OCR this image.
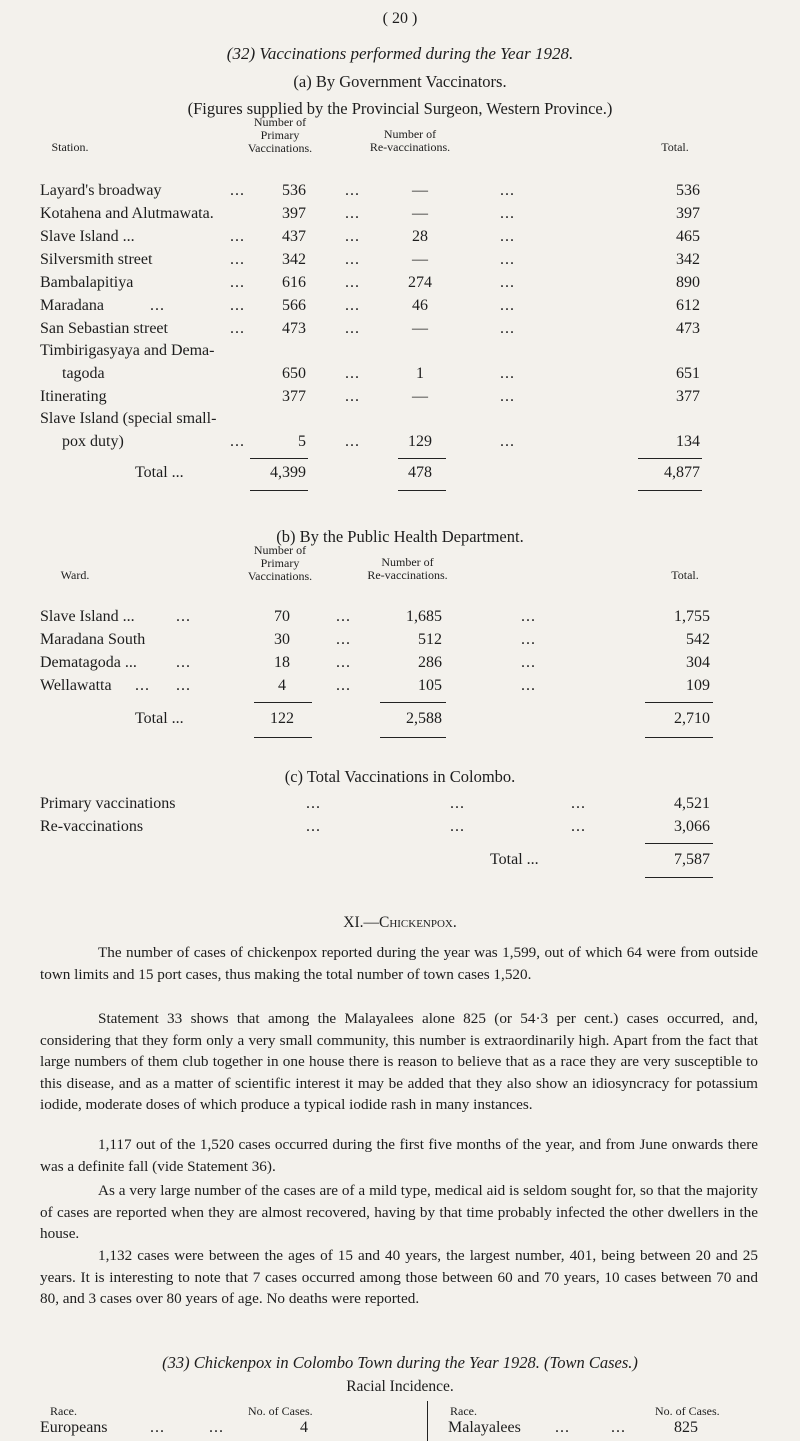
( 20 )
(32) Vaccinations performed during the Year 1928.
(a) By Government Vaccinators.
(Figures supplied by the Provincial Surgeon, Western Province.)
Station.
Number of
Primary
Vaccinations.
Number of
Re-vaccinations.	Total.
Layard's broadway	...	536 ...	—	...	536
Kotahena and Alutmawata.	397 ...	—	...	397
Slave Island ...	...	437 ...	28	...	465
Silversmith street	...	342 ...	—	...	342
Bambalapitiya	...	616 ...	274	...	890
Maradana	...	...	566 ...	46	...	612
San Sebastian street	...	473 ...	—	...	473
Timbirigasyaya and Dema-
tagoda	650 ...	1	...	651
Itinerating	377 ...	—	...	377
Slave Island (special small-
pox duty)	...	5 ...	129	...	134
Total ...	4,399	478	4,877
(b) By the Public Health Department.
Ward.
Number of
Primary
Vaccinations.
Number of
Re-vaccinations.	Total.
Slave Island ...	...	70	...	1,685	...	1,755
Maradana South	30	...	512	...	542
Dematagoda ... ...	18	...	286	...	304
Wellawatta ... ...	4	...	105	...	109
Total ...	122	2,588	2,710
(c) Total Vaccinations in Colombo.
Primary vaccinations	...	...	...	4,521
Re-vaccinations	...	...	...	3,066
Total ...	7,587
XI.—Chickenpox.
The number of cases of chickenpox reported during the year was 1,599, out of which 64 were from outside town limits and 15 port cases, thus making the total number of town cases 1,520.
Statement 33 shows that among the Malayalees alone 825 (or 54·3 per cent.) cases occurred, and, considering that they form only a very small community, this number is extraordinarily high. Apart from the fact that large numbers of them club together in one house there is reason to believe that as a race they are very susceptible to this disease, and as a matter of scientific interest it may be added that they also show an idiosyncracy for potassium iodide, moderate doses of which produce a typical iodide rash in many instances.
1,117 out of the 1,520 cases occurred during the first five months of the year, and from June onwards there was a definite fall (vide Statement 36).
As a very large number of the cases are of a mild type, medical aid is seldom sought for, so that the majority of cases are reported when they are almost recovered, having by that time probably infected the other dwellers in the house.
1,132 cases were between the ages of 15 and 40 years, the largest number, 401, being between 20 and 25 years. It is interesting to note that 7 cases occurred among those between 60 and 70 years, 10 cases between 70 and 80, and 3 cases over 80 years of age. No deaths were reported.
(33) Chickenpox in Colombo Town during the Year 1928. (Town Cases.)
Racial Incidence.
Race.	No. of Cases.	Race.	No. of Cases.
Europeans	...	...	4	Malayalees ...	...	825
